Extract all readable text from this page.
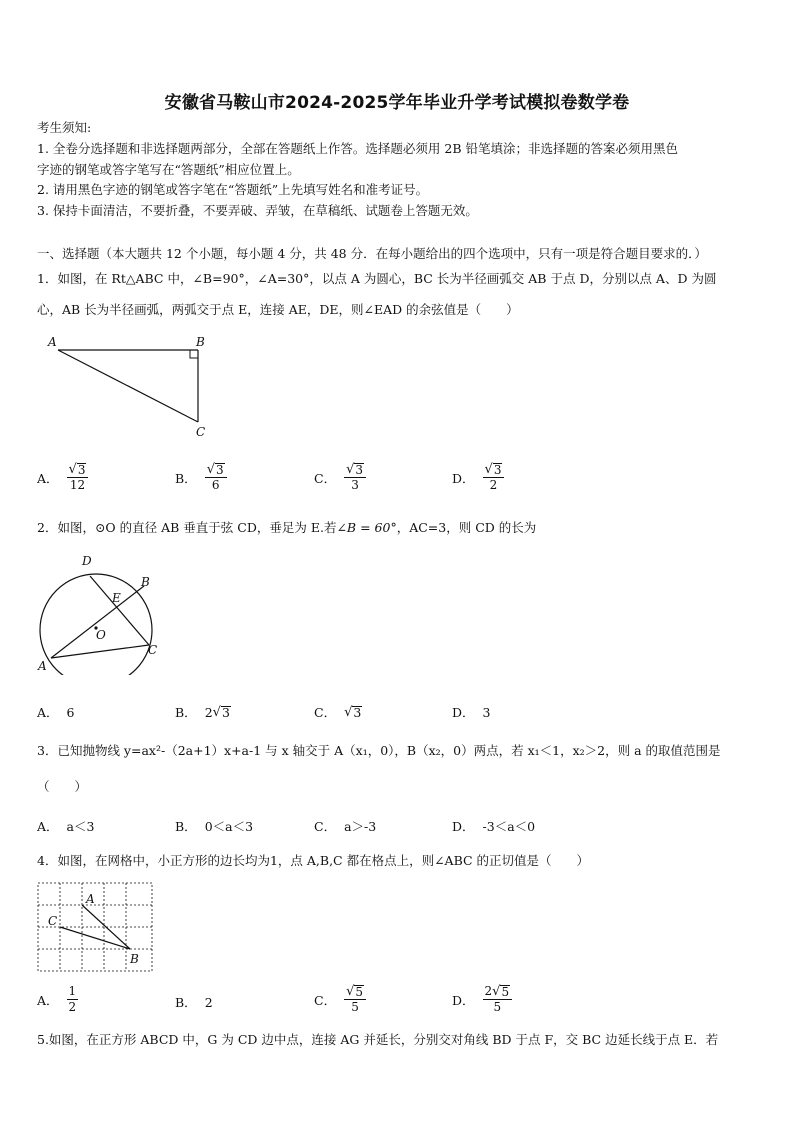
安徽省马鞍山市2024-2025学年毕业升学考试模拟卷数学卷
考生须知:
1. 全卷分选择题和非选择题两部分，全部在答题纸上作答。选择题必须用 2B 铅笔填涂；非选择题的答案必须用黑色
字迹的钢笔或答字笔写在“答题纸”相应位置上。
2. 请用黑色字迹的钢笔或答字笔在“答题纸”上先填写姓名和准考证号。
3. 保持卡面清洁，不要折叠，不要弄破、弄皱，在草稿纸、试题卷上答题无效。
一、选择题（本大题共 12 个小题，每小题 4 分，共 48 分．在每小题给出的四个选项中，只有一项是符合题目要求的．）
1．如图，在 Rt△ABC 中，∠B=90°，∠A=30°，以点 A 为圆心，BC 长为半径画弧交 AB 于点 D，分别以点 A、D 为圆
心，AB 长为半径画弧，两弧交于点 E，连接 AE，DE，则∠EAD 的余弦值是（　　）
A	B
C
A． $\frac{√ 3}{12}$	B． $\frac{√ 3}{6}$	C． $\frac{√ 3}{3}$	D． $\frac{√ 3}{2}$
2．如图，⊙O 的直径 AB 垂直于弦 CD，垂足为 E.若∠B = 60°，AC=3，则 CD 的长为
D
B
E
O
A
C
A． 6	B． 2 √ 3	C． √ 3	D． 3
3．已知抛物线 y=ax²-（2a+1）x+a-1 与 x 轴交于 A（x₁，0），B（x₂，0）两点，若 x₁＜1，x₂＞2，则 a 的取值范围是
（　　）
A． a＜3	B． 0＜a＜3	C． a＞-3	D． -3＜a＜0
4．如图，在网格中，小正方形的边长均为1，点 A,B,C 都在格点上，则∠ABC 的正切值是（　　）
A
C
B
A． $\frac{1}{2}$	B． 2	C． $\frac{√ 5}{5}$	D． $\frac{2 √ 5}{5}$
5.如图，在正方形 ABCD 中，G 为 CD 边中点，连接 AG 并延长，分别交对角线 BD 于点 F，交 BC 边延长线于点 E．若
